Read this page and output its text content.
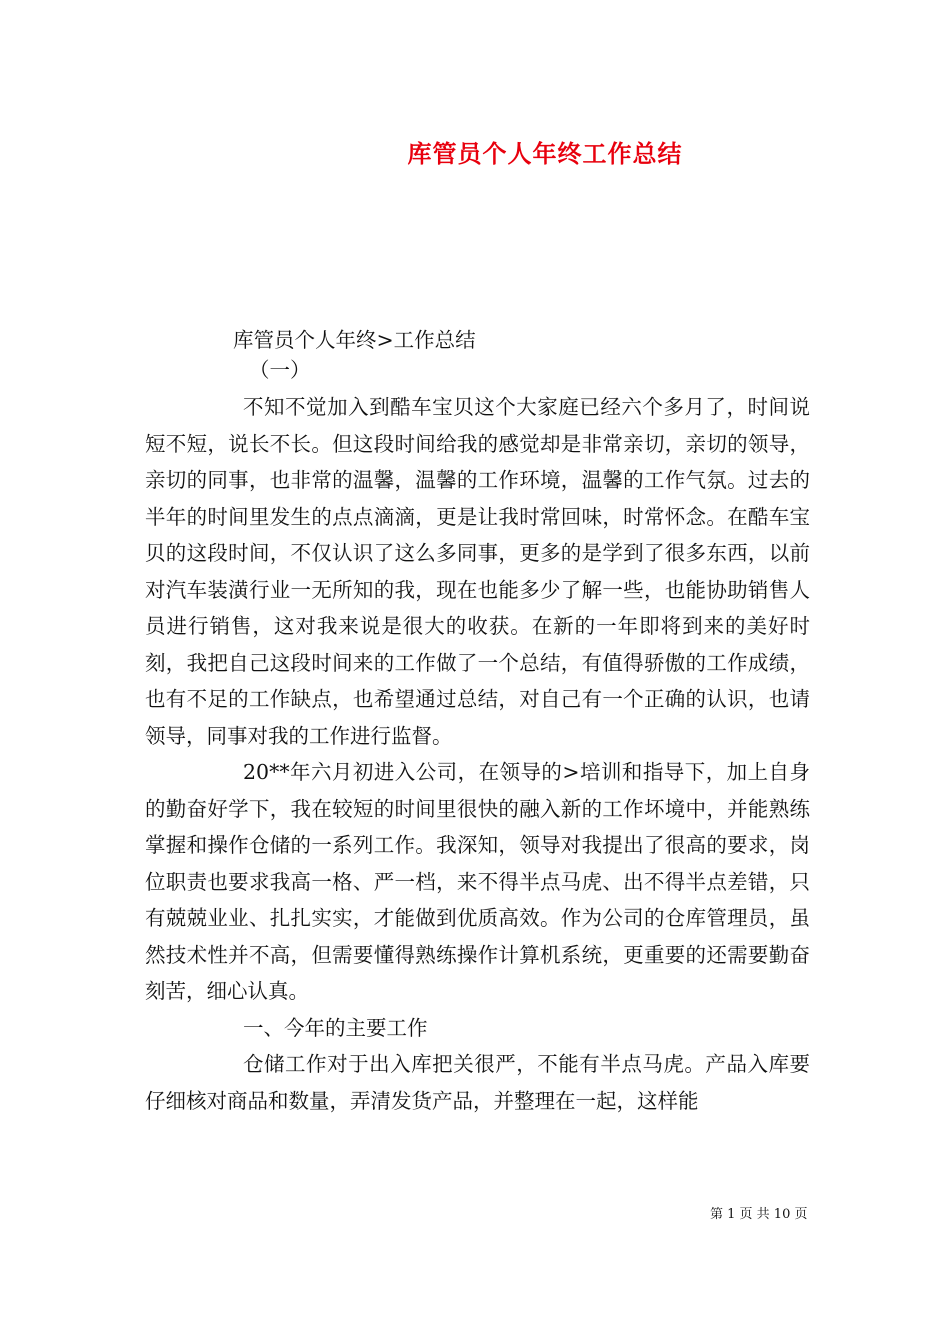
库管员个人年终工作总结

库管员个人年终>工作总结

（一）

不知不觉加入到酷车宝贝这个大家庭已经六个多月了，时间说短不短，说长不长。但这段时间给我的感觉却是非常亲切，亲切的领导，亲切的同事，也非常的温馨，温馨的工作环境，温馨的工作气氛。过去的半年的时间里发生的点点滴滴，更是让我时常回味，时常怀念。在酷车宝贝的这段时间，不仅认识了这么多同事，更多的是学到了很多东西，以前对汽车装潢行业一无所知的我，现在也能多少了解一些，也能协助销售人员进行销售，这对我来说是很大的收获。在新的一年即将到来的美好时刻，我把自己这段时间来的工作做了一个总结，有值得骄傲的工作成绩，也有不足的工作缺点，也希望通过总结，对自己有一个正确的认识，也请领导，同事对我的工作进行监督。

20**年六月初进入公司，在领导的>培训和指导下，加上自身的勤奋好学下，我在较短的时间里很快的融入新的工作坏境中，并能熟练掌握和操作仓储的一系列工作。我深知，领导对我提出了很高的要求，岗位职责也要求我高一格、严一档，来不得半点马虎、出不得半点差错，只有兢兢业业、扎扎实实，才能做到优质高效。作为公司的仓库管理员，虽然技术性并不高，但需要懂得熟练操作计算机系统，更重要的还需要勤奋刻苦，细心认真。

一、今年的主要工作

仓储工作对于出入库把关很严，不能有半点马虎。产品入库要仔细核对商品和数量，弄清发货产品，并整理在一起，这样能

第 1 页 共 10 页
